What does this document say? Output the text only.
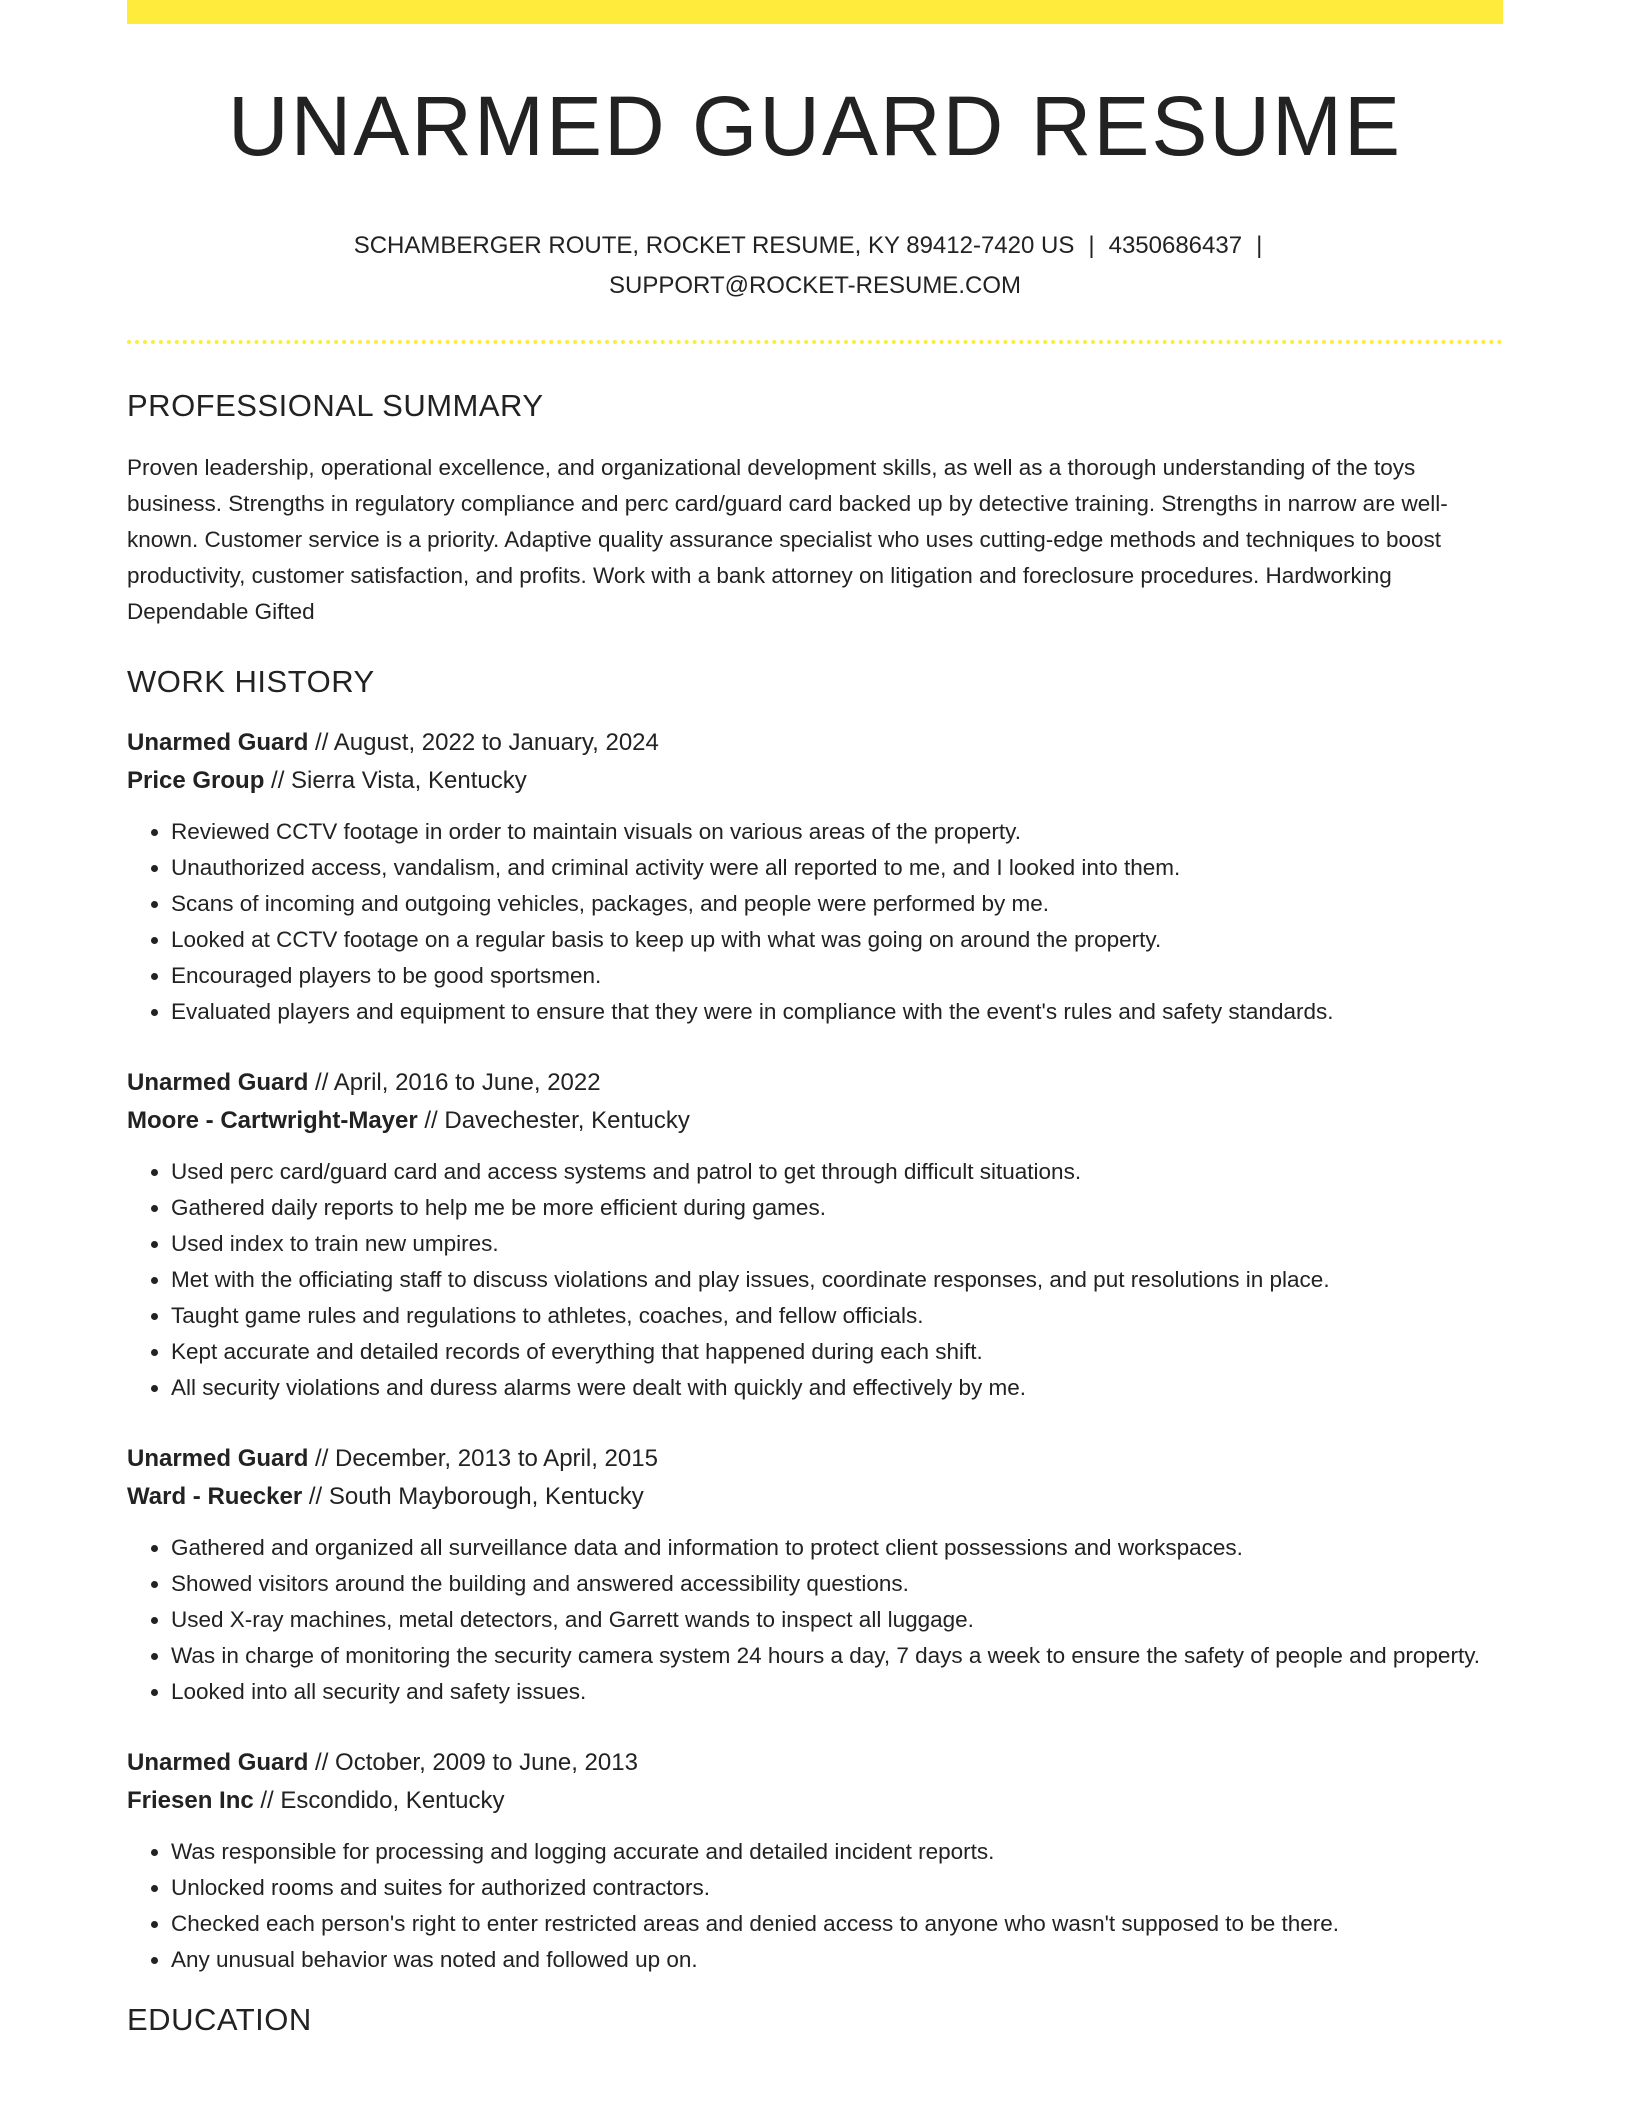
UNARMED GUARD RESUME
SCHAMBERGER ROUTE, ROCKET RESUME, KY 89412-7420 US | 4350686437 |
SUPPORT@ROCKET-RESUME.COM
PROFESSIONAL SUMMARY

Proven leadership, operational excellence, and organizational development skills, as well as a thorough understanding of the toys business. Strengths in regulatory compliance and perc card/guard card backed up by detective training. Strengths in narrow are well-known. Customer service is a priority. Adaptive quality assurance specialist who uses cutting-edge methods and techniques to boost productivity, customer satisfaction, and profits. Work with a bank attorney on litigation and foreclosure procedures. Hardworking Dependable Gifted

WORK HISTORY
Unarmed Guard // August, 2022 to January, 2024
Price Group // Sierra Vista, Kentucky
• Reviewed CCTV footage in order to maintain visuals on various areas of the property.
• Unauthorized access, vandalism, and criminal activity were all reported to me, and I looked into them.
• Scans of incoming and outgoing vehicles, packages, and people were performed by me.
• Looked at CCTV footage on a regular basis to keep up with what was going on around the property.
• Encouraged players to be good sportsmen.
• Evaluated players and equipment to ensure that they were in compliance with the event's rules and safety standards.
Unarmed Guard // April, 2016 to June, 2022
Moore - Cartwright-Mayer // Davechester, Kentucky
• Used perc card/guard card and access systems and patrol to get through difficult situations.
• Gathered daily reports to help me be more efficient during games.
• Used index to train new umpires.
• Met with the officiating staff to discuss violations and play issues, coordinate responses, and put resolutions in place.
• Taught game rules and regulations to athletes, coaches, and fellow officials.
• Kept accurate and detailed records of everything that happened during each shift.
• All security violations and duress alarms were dealt with quickly and effectively by me.
Unarmed Guard // December, 2013 to April, 2015
Ward - Ruecker // South Mayborough, Kentucky
• Gathered and organized all surveillance data and information to protect client possessions and workspaces.
• Showed visitors around the building and answered accessibility questions.
• Used X-ray machines, metal detectors, and Garrett wands to inspect all luggage.
• Was in charge of monitoring the security camera system 24 hours a day, 7 days a week to ensure the safety of people and property.
• Looked into all security and safety issues.
Unarmed Guard // October, 2009 to June, 2013
Friesen Inc // Escondido, Kentucky
• Was responsible for processing and logging accurate and detailed incident reports.
• Unlocked rooms and suites for authorized contractors.
• Checked each person's right to enter restricted areas and denied access to anyone who wasn't supposed to be there.
• Any unusual behavior was noted and followed up on.
EDUCATION
